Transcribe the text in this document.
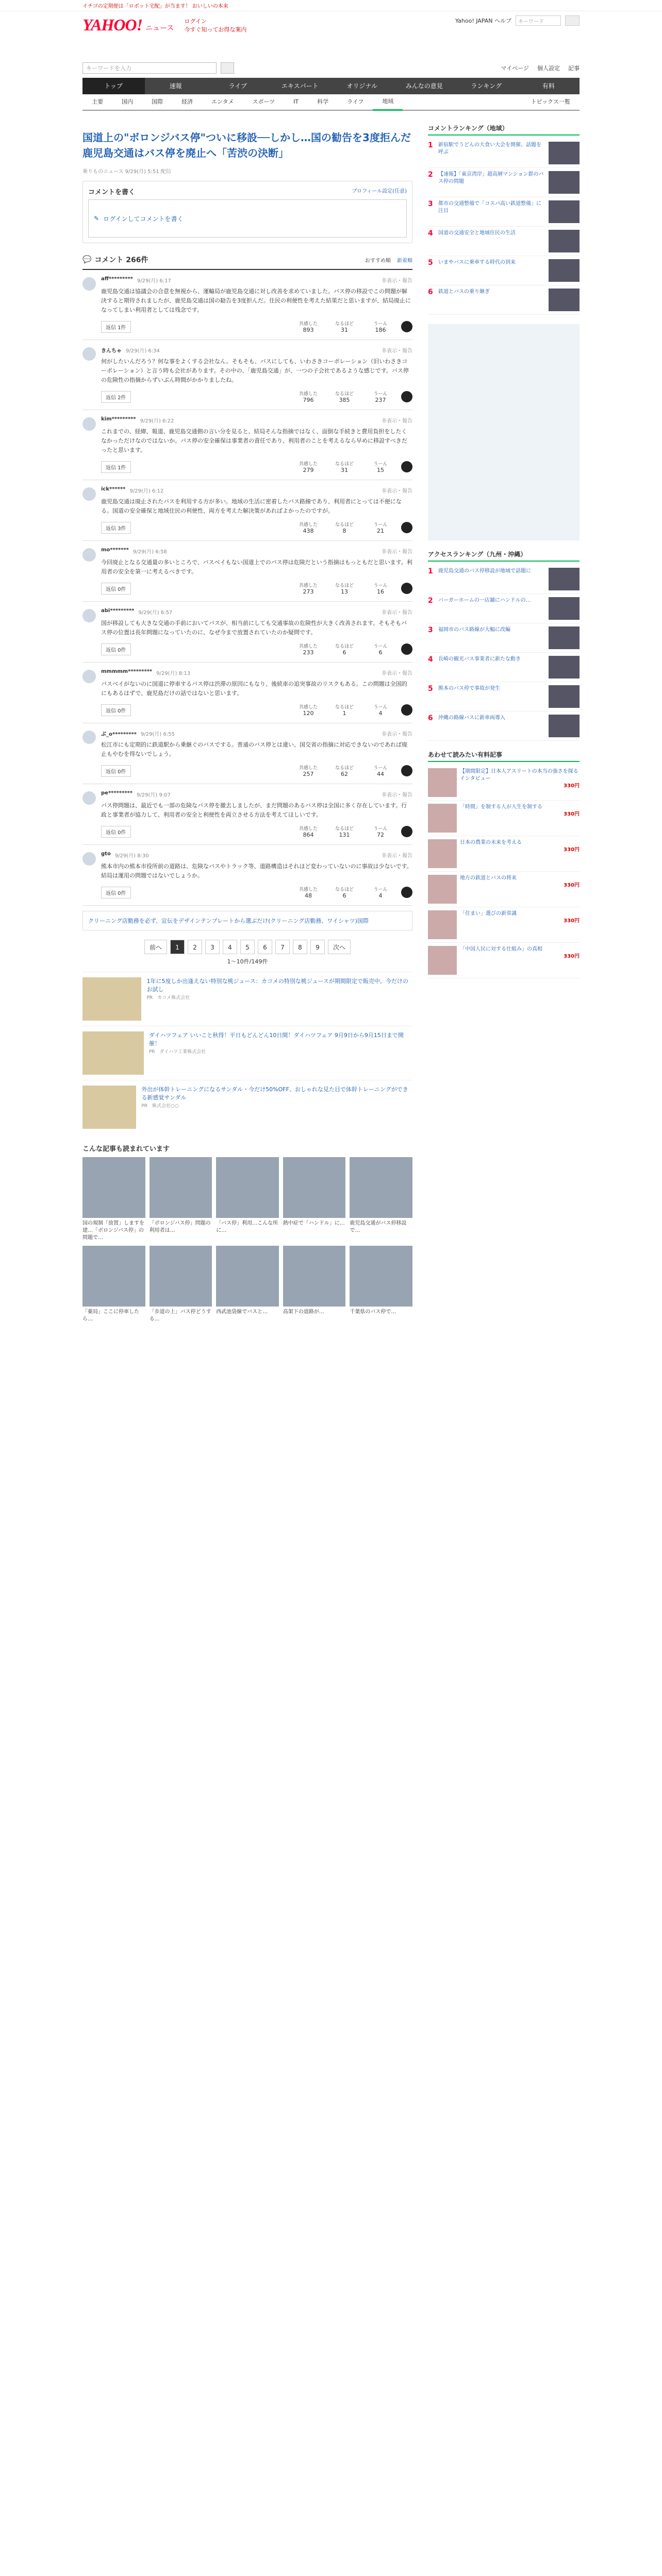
イチゴの定期便は「ロボット宅配」が当ます！ おいしいの本来
YAHOO! ニュース
ログイン
今すぐ知ってお得な案内
Yahoo! JAPAN ヘルプ	キーワード
キーワードを入力	マイページ 個人設定 記事
トップ	速報	ライブ	エキスパート	オリジナル	みんなの意見	ランキング	有料
主要	国内	国際	経済	エンタメ	スポーツ	IT	科学	ライフ	地域	トピックス一覧
国道上の"ボロンジバス停"ついに移設──しかし…国の勧告を3度拒んだ鹿児島交通はバス停を廃止へ「苦渋の決断」
乗りものニュース 9/29(月) 5:51 配信
コメントを書く	プロフィール設定(任意)
✎ ログインしてコメントを書く
💬 コメント 266件	おすすめ順 新着順
aff********* 9/29(月) 6:17	非表示・報告
鹿児島交通は協議会の合意を無視から、運輸局が鹿児島交通に対し改善を求めていました。バス停の移設でこの問題が解決すると期待されましたが、鹿児島交通は国の勧告を3度拒んだ。住民の利便性を考えた結果だと思いますが、結局廃止になってしまい利用者としては残念です。
返信 1件
共感した
893
なるほど
31
うーん
186
きんちゃ 9/29(月) 6:34	非表示・報告
何がしたいんだろう？何な事をよくする会社なん。そもそも、バスにしても、いわさきコーポレーション（旧いわさきコーポレーション）と言う時も会社があります。その中の、「鹿児島交通」が、一つの子会社であるような感じです。バス停の危険性の指摘からずいぶん時間がかかりましたね。
返信 2件
共感した
796
なるほど
385
うーん
237
kim********* 9/29(月) 6:22	非表示・報告
これまでの、経緯、報道、鹿児島交通側の言い分を見ると、結局そんな指摘ではなく、面倒な手続きと費用負担をしたくなかっただけなのではないか。バス停の安全確保は事業者の責任であり、利用者のことを考えるなら早めに移設すべきだったと思います。
返信 1件
共感した
279
なるほど
31
うーん
15
ick****** 9/29(月) 6:12	非表示・報告
鹿児島交通は廃止されたバスを利用する方が多い。地域の生活に密着したバス路線であり、利用者にとっては不便になる。国道の安全確保と地域住民の利便性、両方を考えた解決策があればよかったのですが。
返信 3件
共感した
438
なるほど
8
うーん
21
mo******* 9/29(月) 6:58	非表示・報告
今回廃止となる交通量の多いところで、バスベイもない国道上でのバス停は危険だという指摘はもっともだと思います。利用者の安全を第一に考えるべきです。
返信 0件
共感した
273
なるほど
13
うーん
16
abi********* 9/29(月) 6:57	非表示・報告
国が移設しても大きな交通の手前においてバスが、相当前にしても交通事故の危険性が大きく改善されます。そもそもバス停の位置は長年問題になっていたのに、なぜ今まで放置されていたのか疑問です。
返信 0件
共感した
233
なるほど
6
うーん
6
mmmmm********* 9/29(月) 8:13	非表示・報告
バスベイがないのに国道に停車するバス停は渋滞の原因にもなり、後続車の追突事故のリスクもある。この問題は全国的にもあるはずで、鹿児島だけの話ではないと思います。
返信 0件
共感した
120
なるほど
1
うーん
4
ぶ_o********* 9/29(月) 6:55	非表示・報告
松江市にも定期的に鉄道駅から乗継ぐのバスでする。普通のバス停とは違い、国交省の指摘に対応できないのであれば廃止もやむを得ないでしょう。
返信 0件
共感した
257
なるほど
62
うーん
44
pe********* 9/29(月) 9:07	非表示・報告
バス停問題は、最近でも一部の危険なバス停を撤去しましたが、まだ問題のあるバス停は全国に多く存在しています。行政と事業者が協力して、利用者の安全と利便性を両立させる方法を考えてほしいです。
返信 0件
共感した
864
なるほど
131
うーん
72
gto 9/29(月) 8:30	非表示・報告
熊本市内の熊本市役所前の道路は、危険なバスやトラック等、道路構造はそれほど変わっていないのに事故は少ないです。結局は運用の問題ではないでしょうか。
返信 0件
共感した
48
なるほど
6
うーん
4
クリーニング店勤務を必ず、宣伝をデザインテンプレートから選ぶだけ(クリーニング店勤務、ワイシャツ)国際
前へ	1	2	3	4	5	6	7	8	9	次へ
1〜10件/149件
1年に5度しか出逢えない特別な桃ジュース：カコメの特別な桃ジュースが期間限定で販売中。今だけのお試し
PR　カコメ株式会社
ダイハツフェア いいこと秋得！平日もどんどん10日間！ダイハツフェア 9月9日から9月15日まで開催！
PR　ダイハツ工業株式会社
外出が体幹トレーニングになるサンダル・今だけ50%OFF、おしゃれな見た目で体幹トレーニングができる新感覚サンダル
PR　株式会社○○
こんな記事も読まれています
国の規制「放置」しますを建…「ボロンジバス停」の問題で…
「ボロンジバス停」問題の利用者は…
「バス停」利用…こんな所に…
熱中症で「ハンドル」に… 鹿児島交通がバス停移設で…
「薬局」ここに停車したら…
「歩道の上」バス停どうする…
西武池袋線でバスと…	高架下の道路が…	千葉県のバス停で…
コメントランキング（地域）
1	新宿駅でうどんの大食い大会を開催、話題を呼ぶ
2	【速報】「東京湾岸」超高層マンション群のバス停の問題
3	都市の交通整備で「コスパ高い鉄道整備」に注目
4	国道の交通安全と地域住民の生活
5	いまやバスに乗車する時代の到来
6	鉄道とバスの乗り継ぎ
アクセスランキング（九州・沖縄）
1	鹿児島交通のバス停移設が地域で話題に
2	バーガーホームの一店舗にハンドルの…
3	福岡市のバス路線が大幅に改編
4	長崎の観光バス事業者に新たな動き
5	熊本のバス停で事故が発生
6	沖縄の路線バスに新車両導入
あわせて読みたい有料記事
【期間限定】日本人アスリートの本当の強さを探るインタビュー
330円
「時間」を制する人が人生を制する
330円
日本の農業の未来を考える
330円
地方の鉄道とバスの将来
330円
「住まい」選びの新常識
330円
「中国人民に対する仕組み」の真相
330円
